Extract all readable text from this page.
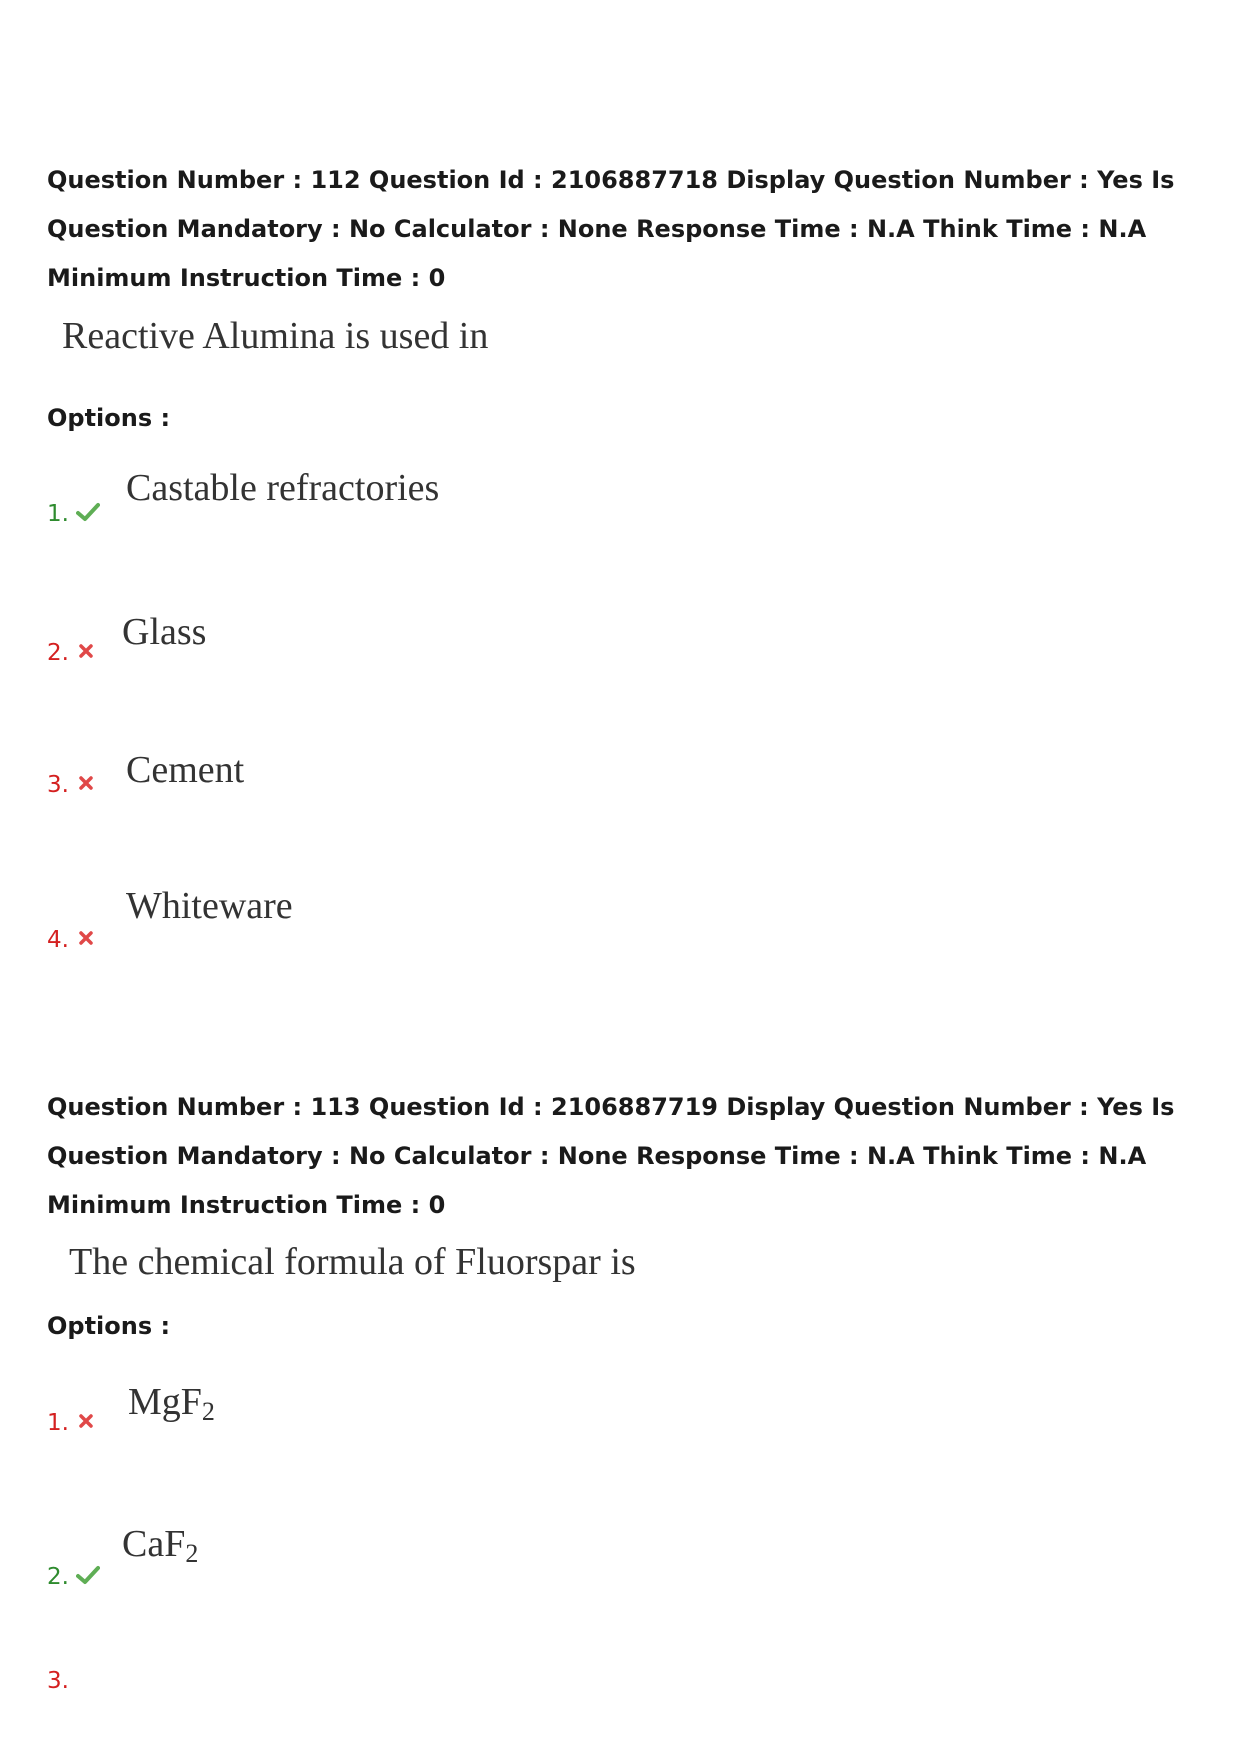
Question Number : 112 Question Id : 2106887718 Display Question Number : Yes Is Question Mandatory : No Calculator : None Response Time : N.A Think Time : N.A Minimum Instruction Time : 0
Reactive Alumina is used in
Options :
1.
Castable refractories
2. Glass
3. Cement
4.
Whiteware
Question Number : 113 Question Id : 2106887719 Display Question Number : Yes Is Question Mandatory : No Calculator : None Response Time : N.A Think Time : N.A Minimum Instruction Time : 0
The chemical formula of Fluorspar is
Options :
1. MgF$_2$
2.
CaF$_2$
3.
